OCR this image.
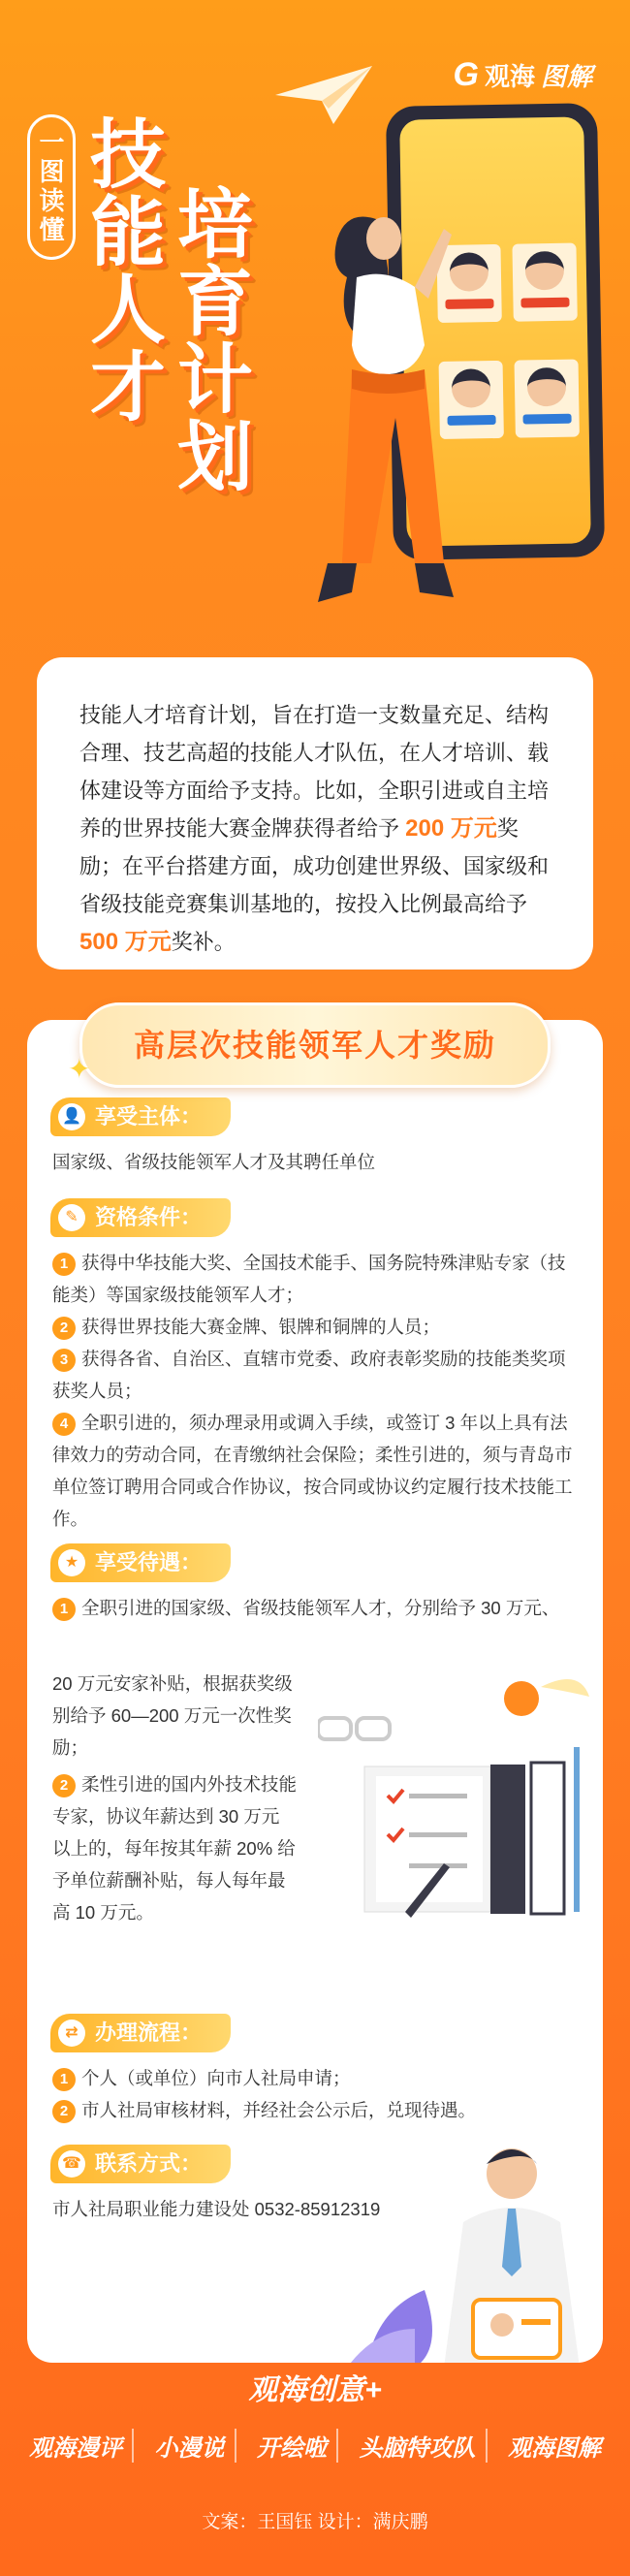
G 观海 图解
一图读懂 技能人才 培育计划
技能人才培育计划，旨在打造一支数量充足、结构合理、技艺高超的技能人才队伍，在人才培训、载体建设等方面给予支持。比如，全职引进或自主培养的世界技能大赛金牌获得者给予 200 万元奖励；在平台搭建方面，成功创建世界级、国家级和省级技能竞赛集训基地的，按投入比例最高给予 500 万元奖补。
👤 享受主体：
国家级、省级技能领军人才及其聘任单位
✎ 资格条件：
1 获得中华技能大奖、全国技术能手、国务院特殊津贴专家（技能类）等国家级技能领军人才；
2 获得世界技能大赛金牌、银牌和铜牌的人员；
3 获得各省、自治区、直辖市党委、政府表彰奖励的技能类奖项获奖人员；
4 全职引进的，须办理录用或调入手续，或签订 3 年以上具有法律效力的劳动合同，在青缴纳社会保险；柔性引进的，须与青岛市单位签订聘用合同或合作协议，按合同或协议约定履行技术技能工作。
★ 享受待遇：
1 全职引进的国家级、省级技能领军人才，分别给予 30 万元、
20 万元安家补贴，根据获奖级别给予 60—200 万元一次性奖励；
2 柔性引进的国内外技术技能专家，协议年薪达到 30 万元以上的，每年按其年薪 20% 给予单位薪酬补贴，每人每年最高 10 万元。
⇄ 办理流程：
1 个人（或单位）向市人社局申请；
2 市人社局审核材料，并经社会公示后，兑现待遇。
☎ 联系方式：
市人社局职业能力建设处 0532-85912319
高层次技能领军人才奖励
✦
观海创意+
观海漫评	小漫说	开绘啦	头脑特攻队	观海图解
文案：王国钰 设计：满庆鹏
